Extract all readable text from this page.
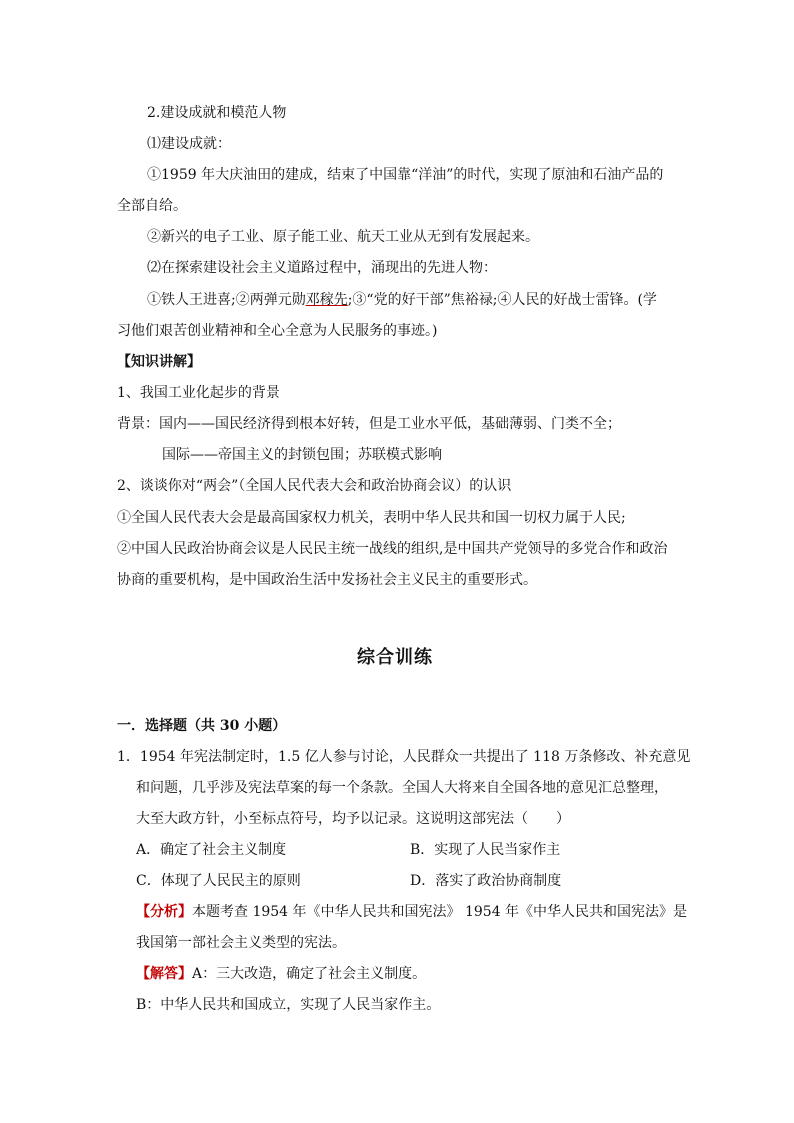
2.建设成就和模范人物
⑴建设成就：
①1959 年大庆油田的建成，结束了中国靠“洋油”的时代，实现了原油和石油产品的
全部自给。
②新兴的电子工业、原子能工业、航天工业从无到有发展起来。
⑵在探索建设社会主义道路过程中，涌现出的先进人物：
①铁人王进喜;②两弹元勋邓稼先;③“党的好干部”焦裕禄;④人民的好战士雷锋。(学
习他们艰苦创业精神和全心全意为人民服务的事迹。)
【知识讲解】
1、我国工业化起步的背景
背景：国内——国民经济得到根本好转，但是工业水平低，基础薄弱、门类不全；
国际——帝国主义的封锁包围；苏联模式影响
2、谈谈你对“两会”（全国人民代表大会和政治协商会议）的认识
①全国人民代表大会是最高国家权力机关，表明中华人民共和国一切权力属于人民;
②中国人民政治协商会议是人民民主统一战线的组织,是中国共产党领导的多党合作和政治
协商的重要机构，是中国政治生活中发扬社会主义民主的重要形式。
综合训练
一．选择题（共 30 小题）
1．1954 年宪法制定时，1.5 亿人参与讨论，人民群众一共提出了 118 万条修改、补充意见
和问题，几乎涉及宪法草案的每一个条款。全国人大将来自全国各地的意见汇总整理，
大至大政方针，小至标点符号，均予以记录。这说明这部宪法（　　）
A．确定了社会主义制度	B．实现了人民当家作主
C．体现了人民民主的原则	D．落实了政治协商制度
【分析】本题考查 1954 年《中华人民共和国宪法》 1954 年《中华人民共和国宪法》是
我国第一部社会主义类型的宪法。
【解答】A：三大改造，确定了社会主义制度。
B：中华人民共和国成立，实现了人民当家作主。
